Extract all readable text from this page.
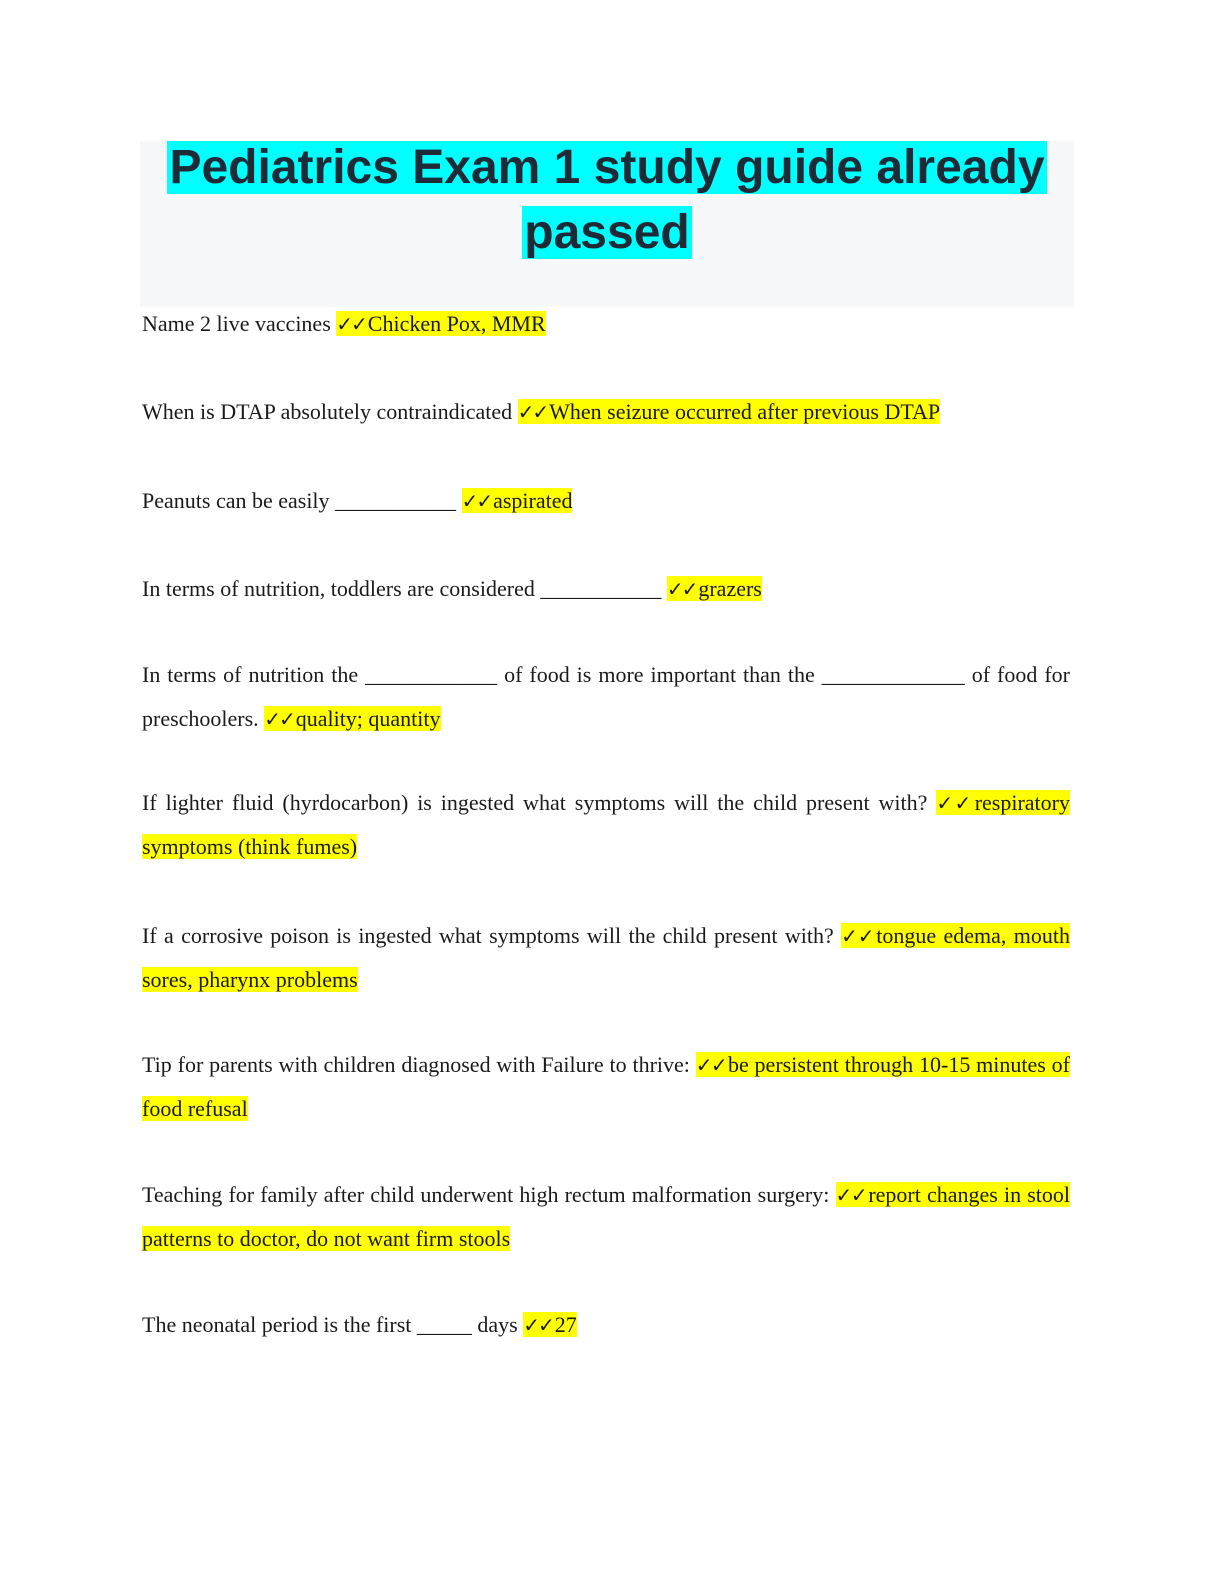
Pediatrics Exam 1 study guide already passed

Name 2 live vaccines ✓✓Chicken Pox, MMR

When is DTAP absolutely contraindicated ✓✓When seizure occurred after previous DTAP

Peanuts can be easily ___________ ✓✓aspirated

In terms of nutrition, toddlers are considered ___________ ✓✓grazers

In terms of nutrition the ____________ of food is more important than the _____________ of food for preschoolers. ✓✓quality; quantity

If lighter fluid (hyrdocarbon) is ingested what symptoms will the child present with? ✓✓respiratory symptoms (think fumes)

If a corrosive poison is ingested what symptoms will the child present with? ✓✓tongue edema, mouth sores, pharynx problems

Tip for parents with children diagnosed with Failure to thrive: ✓✓be persistent through 10-15 minutes of food refusal

Teaching for family after child underwent high rectum malformation surgery: ✓✓report changes in stool patterns to doctor, do not want firm stools

The neonatal period is the first _____ days ✓✓27
